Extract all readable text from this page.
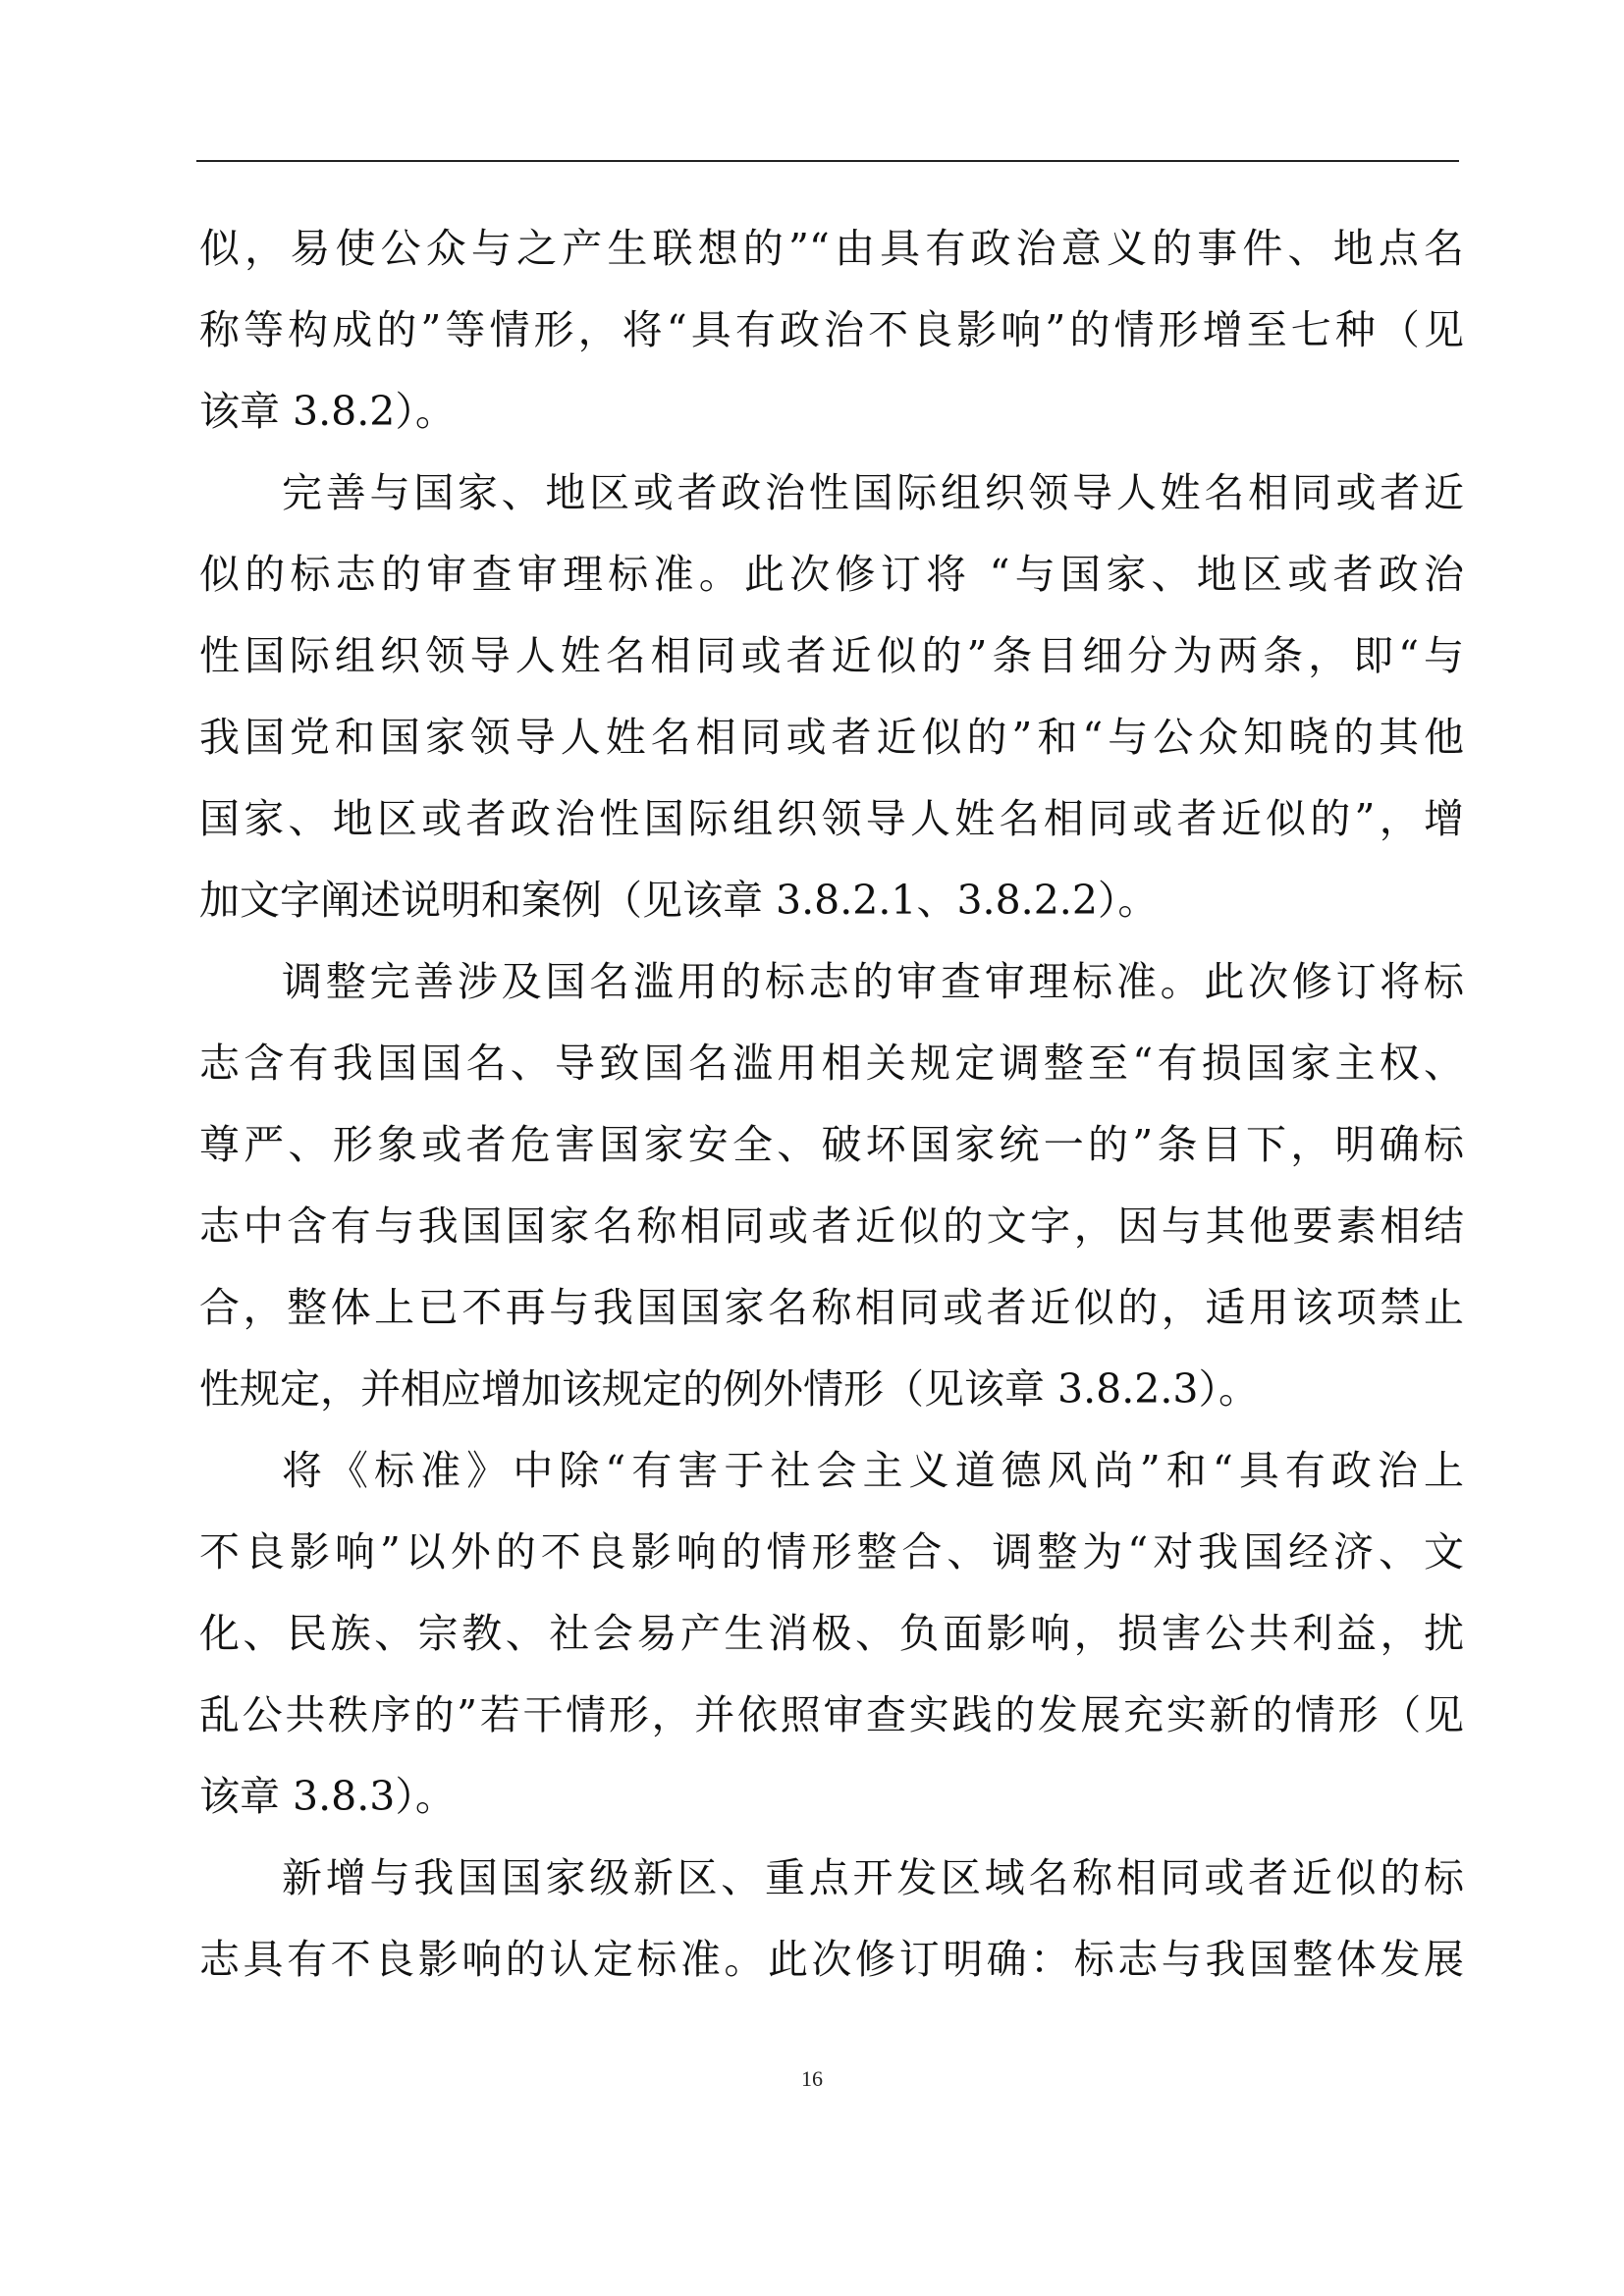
似，易使公众与之产生联想的”“由具有政治意义的事件、地点名

称等构成的”等情形，将“具有政治不良影响”的情形增至七种（见

该章 3.8.2）。

完善与国家、地区或者政治性国际组织领导人姓名相同或者近

似的标志的审查审理标准。此次修订将 “与国家、地区或者政治

性国际组织领导人姓名相同或者近似的”条目细分为两条，即“与

我国党和国家领导人姓名相同或者近似的”和“与公众知晓的其他

国家、地区或者政治性国际组织领导人姓名相同或者近似的”，增

加文字阐述说明和案例（见该章 3.8.2.1、3.8.2.2）。

调整完善涉及国名滥用的标志的审查审理标准。此次修订将标

志含有我国国名、导致国名滥用相关规定调整至“有损国家主权、

尊严、形象或者危害国家安全、破坏国家统一的”条目下，明确标

志中含有与我国国家名称相同或者近似的文字，因与其他要素相结

合，整体上已不再与我国国家名称相同或者近似的，适用该项禁止

性规定，并相应增加该规定的例外情形（见该章 3.8.2.3）。

将《标准》中除“有害于社会主义道德风尚”和“具有政治上

不良影响”以外的不良影响的情形整合、调整为“对我国经济、文

化、民族、宗教、社会易产生消极、负面影响，损害公共利益，扰

乱公共秩序的”若干情形，并依照审查实践的发展充实新的情形（见

该章 3.8.3）。

新增与我国国家级新区、重点开发区域名称相同或者近似的标

志具有不良影响的认定标准。此次修订明确：标志与我国整体发展

16
